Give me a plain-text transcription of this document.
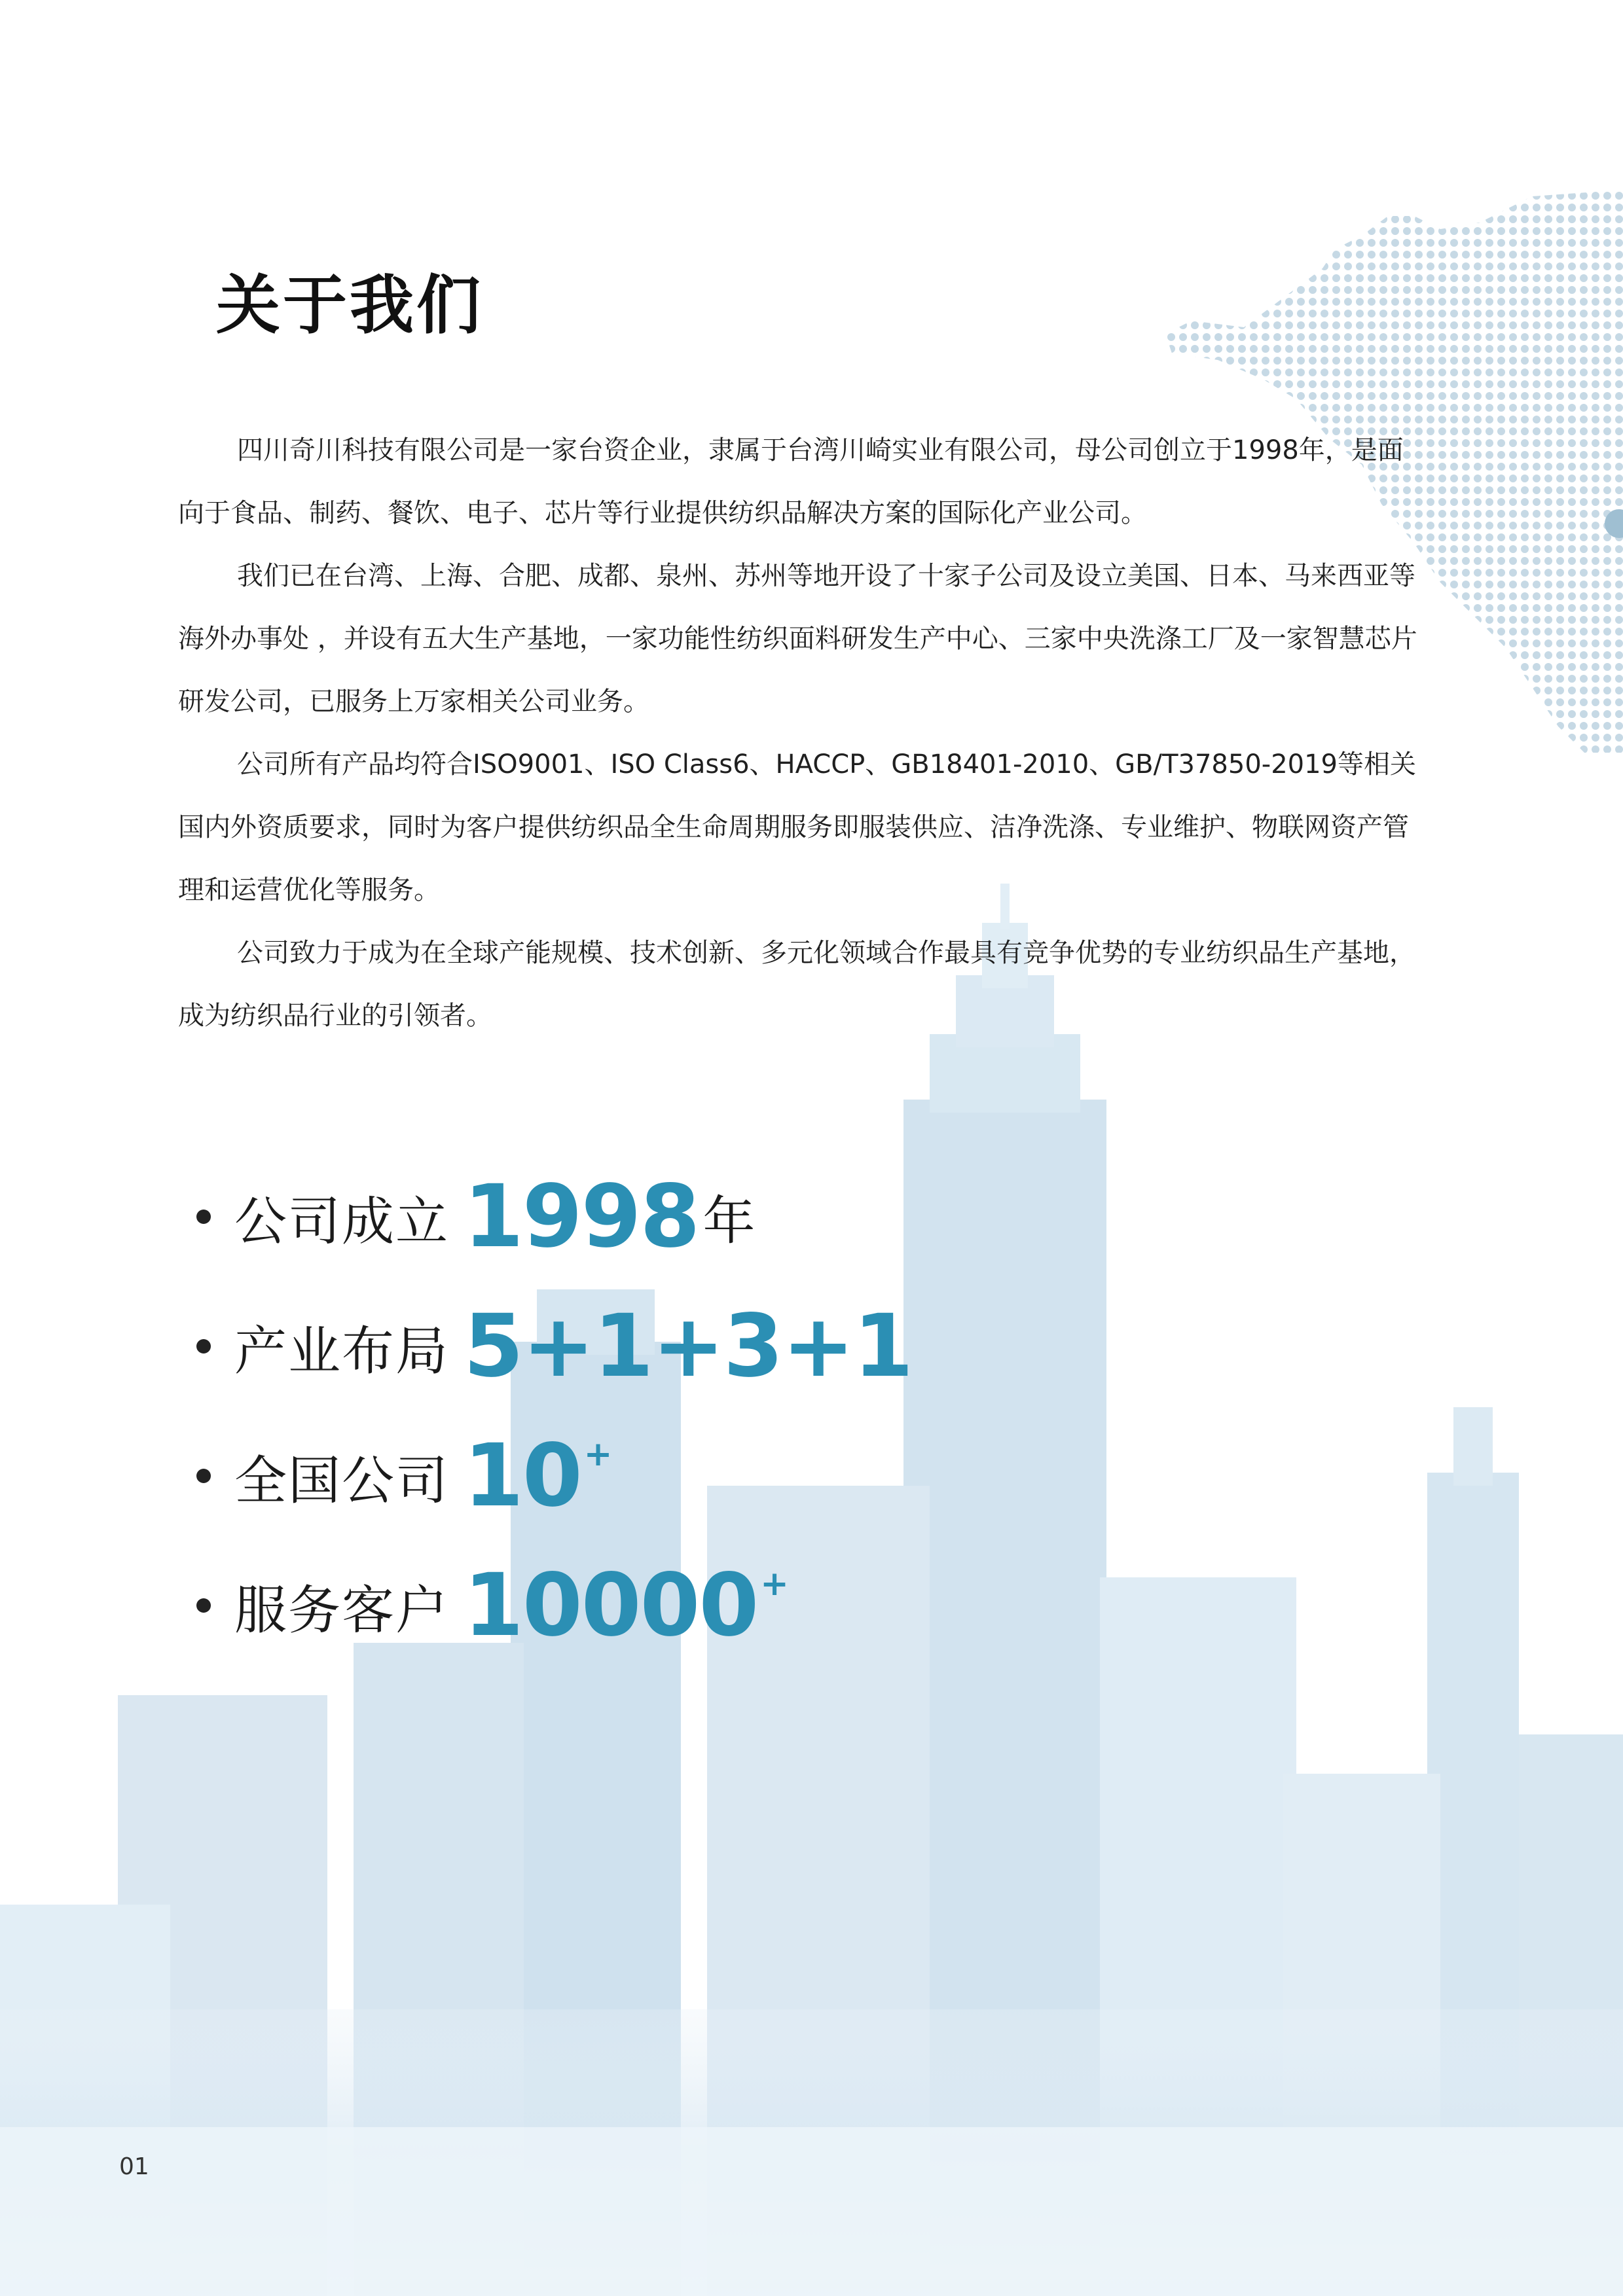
关于我们

四川奇川科技有限公司是一家台资企业，隶属于台湾川崎实业有限公司，母公司创立于1998年，是面向于食品、制药、餐饮、电子、芯片等行业提供纺织品解决方案的国际化产业公司。

我们已在台湾、上海、合肥、成都、泉州、苏州等地开设了十家子公司及设立美国、日本、马来西亚等海外办事处 ，并设有五大生产基地，一家功能性纺织面料研发生产中心、三家中央洗涤工厂及一家智慧芯片研发公司，已服务上万家相关公司业务。

公司所有产品均符合ISO9001、ISO Class6、HACCP、GB18401-2010、GB/T37850-2019等相关国内外资质要求，同时为客户提供纺织品全生命周期服务即服装供应、洁净洗涤、专业维护、物联网资产管理和运营优化等服务。

公司致力于成为在全球产能规模、技术创新、多元化领域合作最具有竞争优势的专业纺织品生产基地，成为纺织品行业的引领者。

公司成立 1998 年
产业布局 5+1+3+1
全国公司 10 +
服务客户 10000 +
01
